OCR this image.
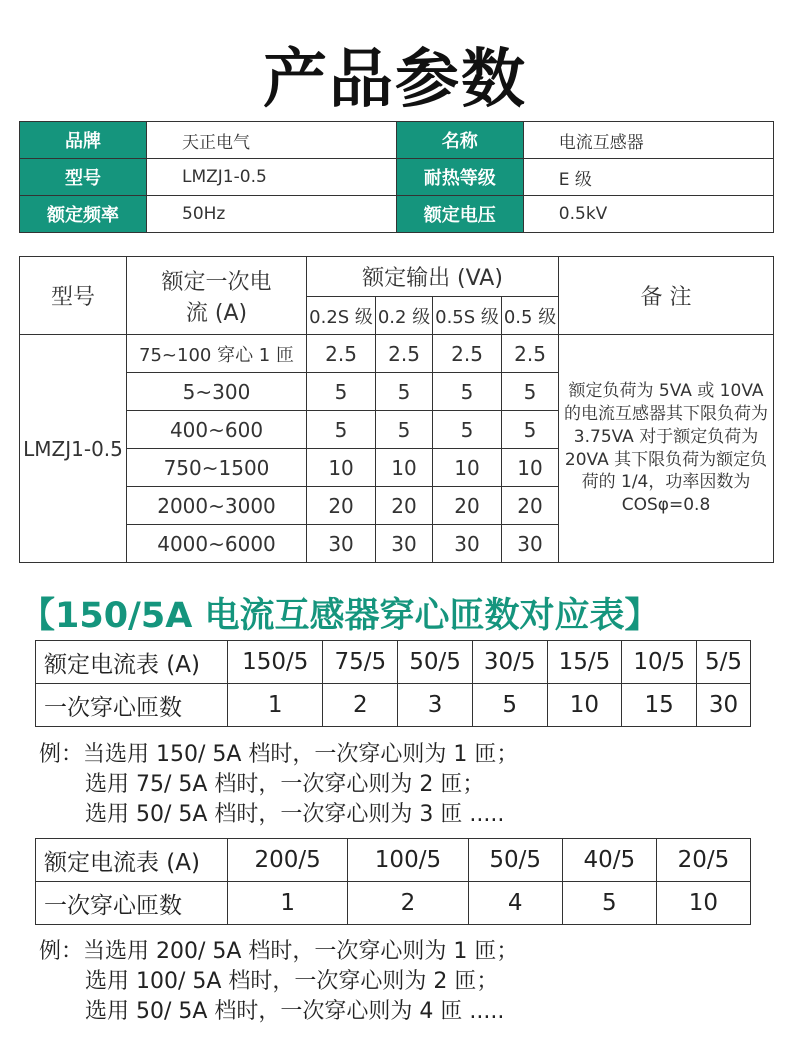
产品参数
品牌	天正电气	名称	电流互感器
型号	LMZJ1-0.5	耐热等级	E 级
额定频率	50Hz	额定电压	0.5kV
型号	额定一次电流 (A)	额定输出 (VA)				备 注
		0.2S 级	0.2 级	0.5S 级	0.5 级	
LMZJ1-0.5	75~100 穿心 1 匝	2.5	2.5	2.5	2.5	额定负荷为 5VA 或 10VA 的电流互感器其下限负荷为 3.75VA 对于额定负荷为 20VA 其下限负荷为额定负荷的 1/4，功率因数为 COSφ=0.8
	5~300	5	5	5	5	
	400~600	5	5	5	5	
	750~1500	10	10	10	10	
	2000~3000	20	20	20	20	
	4000~6000	30	30	30	30	
【150/5A 电流互感器穿心匝数对应表】
额定电流表 (A)	150/5	75/5	50/5	30/5	15/5	10/5	5/5
一次穿心匝数	1	2	3	5	10	15	30
例：当选用 150/ 5A 档时，一次穿心则为 1 匝；
选用 75/ 5A 档时，一次穿心则为 2 匝；
选用 50/ 5A 档时，一次穿心则为 3 匝 .....
额定电流表 (A)	200/5	100/5	50/5	40/5	20/5
一次穿心匝数	1	2	4	5	10
例：当选用 200/ 5A 档时，一次穿心则为 1 匝；
选用 100/ 5A 档时，一次穿心则为 2 匝；
选用 50/ 5A 档时，一次穿心则为 4 匝 .....
